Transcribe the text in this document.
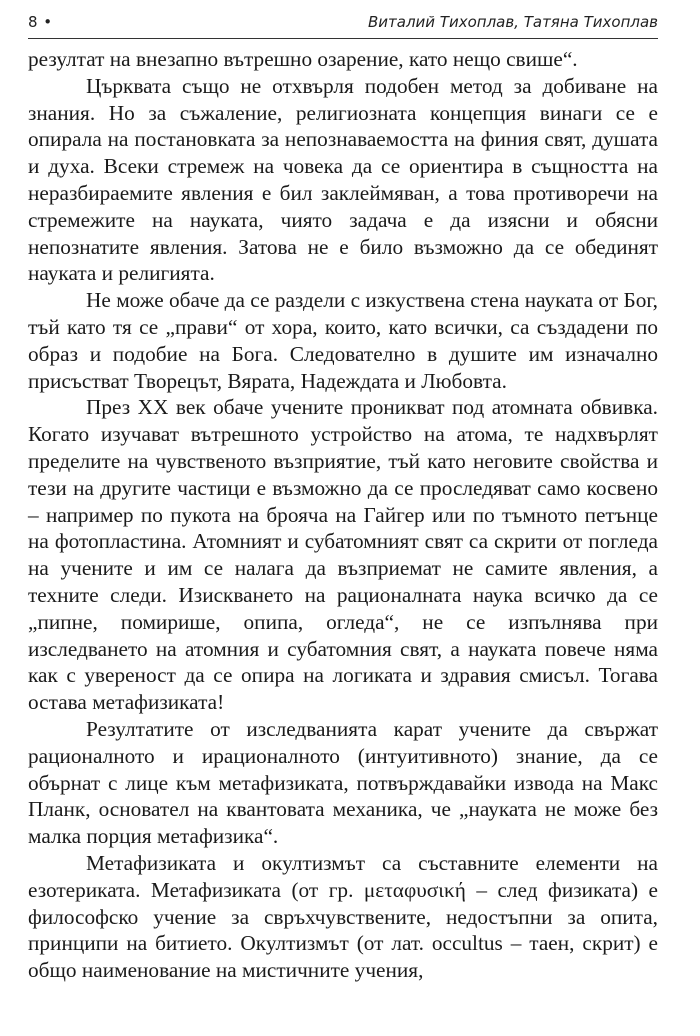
8 •	Виталий Тихоплав, Татяна Тихоплав

резултат на внезапно вътрешно озарение, като нещо свише“.

Църквата също не отхвърля подобен метод за добиване на знания. Но за съжаление, религиозната концепция винаги се е опирала на постановката за непознаваемостта на финия свят, душата и духа. Всеки стремеж на човека да се ориентира в същността на неразбираемите явления е бил заклеймяван, а това противоречи на стремежите на науката, чиято задача е да изясни и обясни непознатите явления. Затова не е било възможно да се обединят науката и религията.

Не може обаче да се раздели с изкуствена стена науката от Бог, тъй като тя се „прави“ от хора, които, като всички, са създадени по образ и подобие на Бога. Следователно в душите им изначално присъстват Творецът, Вярата, Надеждата и Любовта.

През XX век обаче учените проникват под атомната обвивка. Когато изучават вътрешното устройство на атома, те надхвърлят пределите на чувственото възприятие, тъй като неговите свойства и тези на другите частици е възможно да се проследяват само косвено – например по пукота на брояча на Гайгер или по тъмното петънце на фотопластина. Атомният и субатомният свят са скрити от погледа на учените и им се налага да възприемат не самите явления, а техните следи. Изискването на рационалната наука всичко да се „пипне, помирише, опипа, огледа“, не се изпълнява при изследването на атомния и субатомния свят, а науката повече няма как с увереност да се опира на логиката и здравия смисъл. Тогава остава метафизиката!

Резултатите от изследванията карат учените да свържат рационалното и ирационалното (интуитивното) знание, да се обърнат с лице към метафизиката, потвърждавайки извода на Макс Планк, основател на квантовата механика, че „науката не може без малка порция метафизика“.

Метафизиката и окултизмът са съставните елементи на езотериката. Метафизиката (от гр. μεταφυσική – след физиката) е философско учение за свръхчувствените, недостъпни за опита, принципи на битието. Окултизмът (от лат. occultus – таен, скрит) е общо наименование на мистичните учения,
